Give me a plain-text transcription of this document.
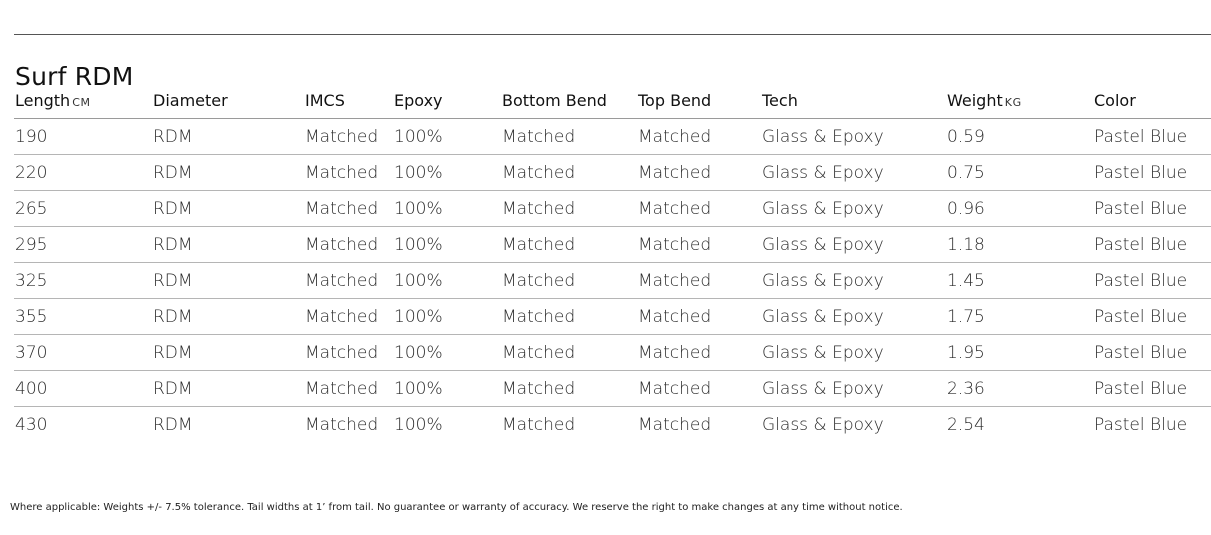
Surf RDM
Length CM	Diameter	IMCS	Epoxy	Bottom Bend	Top Bend	Tech	Weight KG	Color
190	RDM	Matched	100%	Matched	Matched	Glass & Epoxy	0.59	Pastel Blue
220	RDM	Matched	100%	Matched	Matched	Glass & Epoxy	0.75	Pastel Blue
265	RDM	Matched	100%	Matched	Matched	Glass & Epoxy	0.96	Pastel Blue
295	RDM	Matched	100%	Matched	Matched	Glass & Epoxy	1.18	Pastel Blue
325	RDM	Matched	100%	Matched	Matched	Glass & Epoxy	1.45	Pastel Blue
355	RDM	Matched	100%	Matched	Matched	Glass & Epoxy	1.75	Pastel Blue
370	RDM	Matched	100%	Matched	Matched	Glass & Epoxy	1.95	Pastel Blue
400	RDM	Matched	100%	Matched	Matched	Glass & Epoxy	2.36	Pastel Blue
430	RDM	Matched	100%	Matched	Matched	Glass & Epoxy	2.54	Pastel Blue

Where applicable: Weights +/- 7.5% tolerance. Tail widths at 1’ from tail. No guarantee or warranty of accuracy. We reserve the right to make changes at any time without notice.
